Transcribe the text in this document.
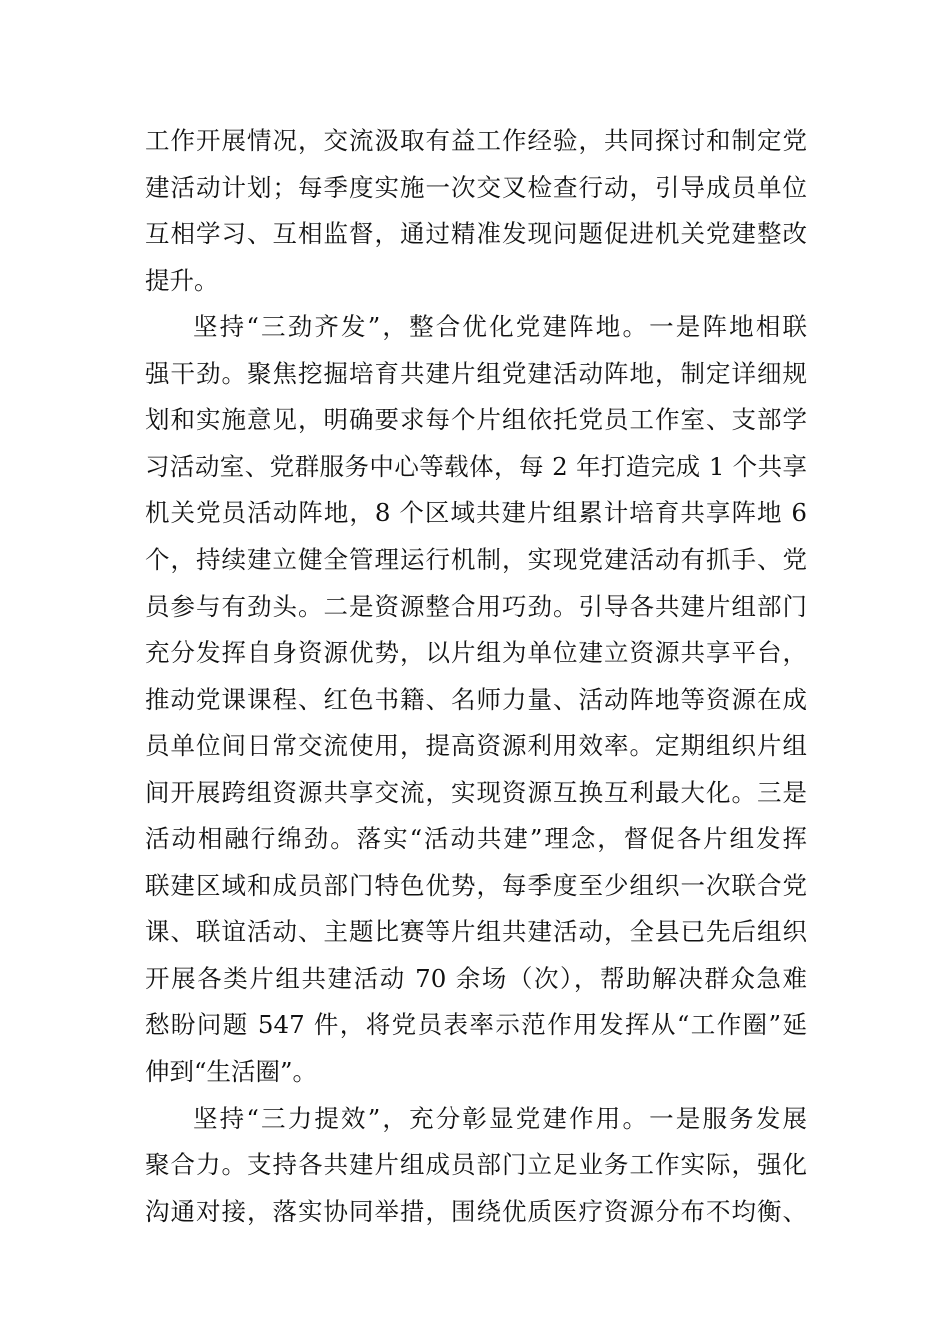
工作开展情况，交流汲取有益工作经验，共同探讨和制定党
建活动计划；每季度实施一次交叉检查行动，引导成员单位
互相学习、互相监督，通过精准发现问题促进机关党建整改
提升。
坚持“三劲齐发”，整合优化党建阵地。一是阵地相联
强干劲。聚焦挖掘培育共建片组党建活动阵地，制定详细规
划和实施意见，明确要求每个片组依托党员工作室、支部学
习活动室、党群服务中心等载体，每 2 年打造完成 1 个共享
机关党员活动阵地，8 个区域共建片组累计培育共享阵地 6
个，持续建立健全管理运行机制，实现党建活动有抓手、党
员参与有劲头。二是资源整合用巧劲。引导各共建片组部门
充分发挥自身资源优势，以片组为单位建立资源共享平台，
推动党课课程、红色书籍、名师力量、活动阵地等资源在成
员单位间日常交流使用，提高资源利用效率。定期组织片组
间开展跨组资源共享交流，实现资源互换互利最大化。三是
活动相融行绵劲。落实“活动共建”理念，督促各片组发挥
联建区域和成员部门特色优势，每季度至少组织一次联合党
课、联谊活动、主题比赛等片组共建活动，全县已先后组织
开展各类片组共建活动 70 余场（次），帮助解决群众急难
愁盼问题 547 件，将党员表率示范作用发挥从“工作圈”延
伸到“生活圈”。
坚持“三力提效”，充分彰显党建作用。一是服务发展
聚合力。支持各共建片组成员部门立足业务工作实际，强化
沟通对接，落实协同举措，围绕优质医疗资源分布不均衡、
